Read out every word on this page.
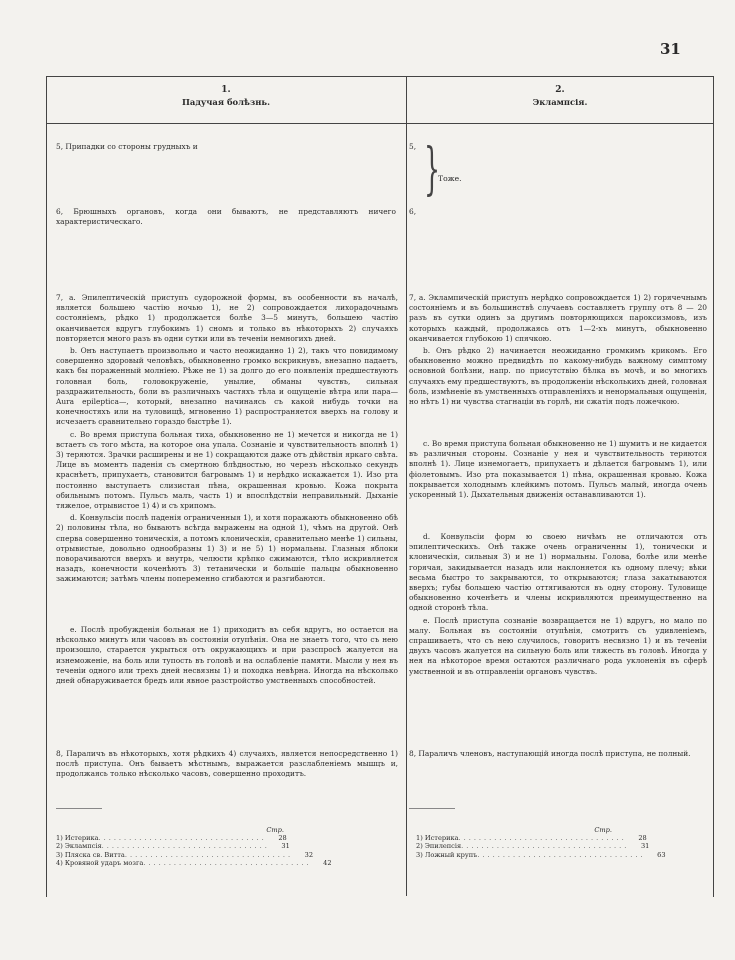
31
1.
Падучая болѣзнь.
2.
Эклампсія.
5, Припадки со стороны грудныхъ и
6, Брюшныхъ органовъ, когда они бываютъ, не представляютъ ничего характеристическаго.

7, а. Эпилептическій приступъ судорожной формы, въ особенности въ началѣ, является большею частію ночью 1), не 2) сопровождается лихорадочнымъ состояніемъ, рѣдко 1) продолжается болѣе 3—5 минутъ, большею частію оканчивается вдругъ глубокимъ 1) сномъ и только въ нѣкоторыхъ 2) случаяхъ повторяется много разъ въ одни сутки или въ теченіи немногихъ дней.

b. Онъ наступаетъ произвольно и часто неожиданно 1) 2), такъ что повидимому совершенно здоровый человѣкъ, обыкновенно громко вскрикнувъ, внезапно падаетъ, какъ бы пораженный молніею. Рѣже не 1) за долго до его появленія предшествуютъ головная боль, головокруженіе, унылие, обманы чувствъ, сильная раздражительность, боли въ различныхъ частяхъ тѣла и ощущеніе вѣтра или пара—Aura epileptica—, который, внезапно начинаясь съ какой нибудь точки на конечностяхъ или на туловищѣ, мгновенно 1) распространяется вверхъ на голову и исчезаетъ сравнительно гораздо быстрѣе 1).

c. Во время приступа больная тиха, обыкновенно не 1) мечется и никогда не 1) встаетъ съ того мѣста, на которое она упала. Сознаніе и чувствительность вполнѣ 1) 3) теряются. Зрачки расширены и не 1) сокращаются даже отъ дѣйствія яркаго свѣта. Лице въ моментъ паденія съ смертною блѣдностью, но черезъ нѣсколько секундъ краснѣетъ, припухаетъ, становится багровымъ 1) и нерѣдко искажается 1). Изо рта постоянно выступаетъ слизистая пѣна, окрашенная кровью. Кожа покрыта обильнымъ потомъ. Пульсъ малъ, часть 1) и впослѣдствіи неправильный. Дыханіе тяжелое, отрывистое 1) 4) и съ хрипомъ.

d. Конвульсіи послѣ паденія ограниченныя 1), и хотя поражаютъ обыкновенно обѣ 2) половины тѣла, но бываютъ всѣгда выражены на одной 1), чѣмъ на другой. Онѣ сперва совершенно тоническія, а потомъ клоническія, сравнительно менѣе 1) сильны, отрывистые, довольно однообразны 1) 3) и не 5) 1) нормальны. Глазныя яблоки поворачиваются вверхъ и внутрь, челюсти крѣпко сжимаются, тѣло искривляется назадъ, конечности коченѣютъ 3) тетанически и большіе пальцы обыкновенно зажимаются; затѣмъ члены попеременно сгибаются и разгибаются.

e. Послѣ пробужденія больная не 1) приходитъ въ себя вдругъ, но остается на нѣсколько минутъ или часовъ въ состояніи отупѣнія. Она не знаетъ того, что съ нею произошло, старается укрыться отъ окружающихъ и при разспросѣ жалуется на изнеможеніе, на боль или тупость въ головѣ и на ослабленіе памяти. Мысли у нея въ теченіи одного или трехъ дней несвязны 1) и походка невѣрна. Иногда на нѣсколько дней обнаруживается бредъ или явное разстройство умственныхъ способностей.

8, Параличъ въ нѣкоторыхъ, хотя рѣдкихъ 4) случаяхъ, является непосредственно 1) послѣ приступа. Онъ бываетъ мѣстнымъ, выражается разслабленіемъ мышцъ и, продолжаясь только нѣсколько часовъ, совершенно проходитъ.
5, }
Тоже.
6,

7, а. Эклампическій приступъ нерѣдко сопровождается 1) 2) горячечнымъ состояніемъ и въ большинствѣ случаевъ составляетъ группу отъ 8 — 20 разъ въ сутки одинъ за другимъ повторяющихся пароксизмовъ, изъ которыхъ каждый, продолжаясь отъ 1—2-хъ минутъ, обыкновенно оканчивается глубокою 1) спячкою.

b. Онъ рѣдко 2) начинается неожиданно громкимъ крикомъ. Его обыкновенно можно предвидѣть по какому-нибудь важному симптому основной болѣзни, напр. по присутствію бѣлка въ мочѣ, и во многихъ случаяхъ ему предшествуютъ, въ продолженіи нѣсколькихъ дней, головная боль, измѣненіе въ умственныхъ отправленіяхъ и ненормальныя ощущенія, но нѣтъ 1) ни чувства стагнаціи въ горлѣ, ни сжатія подъ ложечкою.

c. Во время приступа больная обыкновенно не 1) шумитъ и не кидается въ различныя стороны. Сознаніе у нея и чувствительность теряются вполнѣ 1). Лице изнемогаетъ, припухаетъ и дѣлается багровымъ 1), или фіолетовымъ. Изо рта показывается 1) пѣна, окрашенная кровью. Кожа покрывается холоднымъ клейкимъ потомъ. Пульсъ малый, иногда очень ускоренный 1). Дыхательныя движенія останавливаются 1).

d. Конвульсіи форм ю своею ничѣмъ не отличаются отъ эпилептическихъ. Онѣ также очень ограниченны 1), тонически и клоническія, сильныя 3) и не 1) нормальны. Голова, болѣе или менѣе горячая, закидывается назадъ или наклоняется къ одному плечу; вѣки весьма быстро то закрываются, то открываются; глаза закатываются вверхъ; губы большею частію оттягиваются въ одну сторону. Туловище обыкновенно коченѣетъ и члены искривляются преимущественно на одной сторонѣ тѣла.

e. Послѣ приступа сознаніе возвращается не 1) вдругъ, но мало по малу. Больная въ состояніи отупѣнія, смотритъ съ удивленіемъ, спрашиваетъ, что съ нею случилось, говоритъ несвязно 1) и въ теченіи двухъ часовъ жалуется на сильную боль или тяжесть въ головѣ. Иногда у нея на нѣкоторое время остаются различнаго рода уклоненія въ сферѣ умственной и въ отправленіи органовъ чувствъ.

8, Параличъ членовъ, наступающій иногда послѣ приступа, не полный.
Стр.
1) Истерика .................................	28
2) Эклампсія .................................	31
3) Пляска св. Витта .................................	32
4) Кровяной ударъ мозга .................................	42
Стр.
1) Истерика .................................	28
2) Эпилепсія .................................	31
3) Ложный крупъ .................................	63
